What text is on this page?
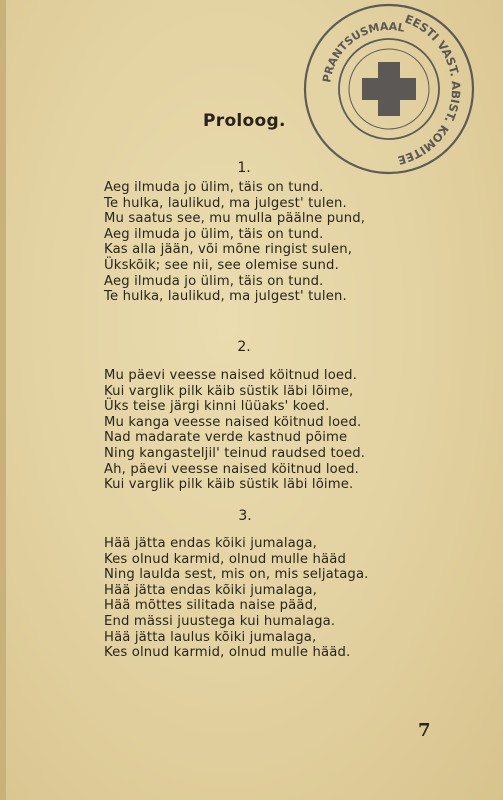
PRANTSUSMAAL
EESTI VAST. ABIST. KOMITEE
Proloog.
1.
Aeg ilmuda jo ülim, täis on tund.
Te hulka, laulikud, ma julgest' tulen.
Mu saatus see, mu mulla päälne pund,
Aeg ilmuda jo ülim, täis on tund.
Kas alla jään, või mõne ringist sulen,
Ükskõik; see nii, see olemise sund.
Aeg ilmuda jo ülim, täis on tund.
Te hulka, laulikud, ma julgest' tulen.
2.
Mu päevi veesse naised köitnud loed.
Kui varglik pilk käib süstik läbi lõime,
Üks teise järgi kinni lüüaks' koed.
Mu kanga veesse naised köitnud loed.
Nad madarate verde kastnud põime
Ning kangasteljil' teinud raudsed toed.
Ah, päevi veesse naised köitnud loed.
Kui varglik pilk käib süstik läbi lõime.
3.
Hää jätta endas kõiki jumalaga,
Kes olnud karmid, olnud mulle hääd
Ning laulda sest, mis on, mis seljataga.
Hää jätta endas kõiki jumalaga,
Hää mõttes silitada naise pääd,
End mässi juustega kui humalaga.
Hää jätta laulus kõiki jumalaga,
Kes olnud karmid, olnud mulle hääd.
7
